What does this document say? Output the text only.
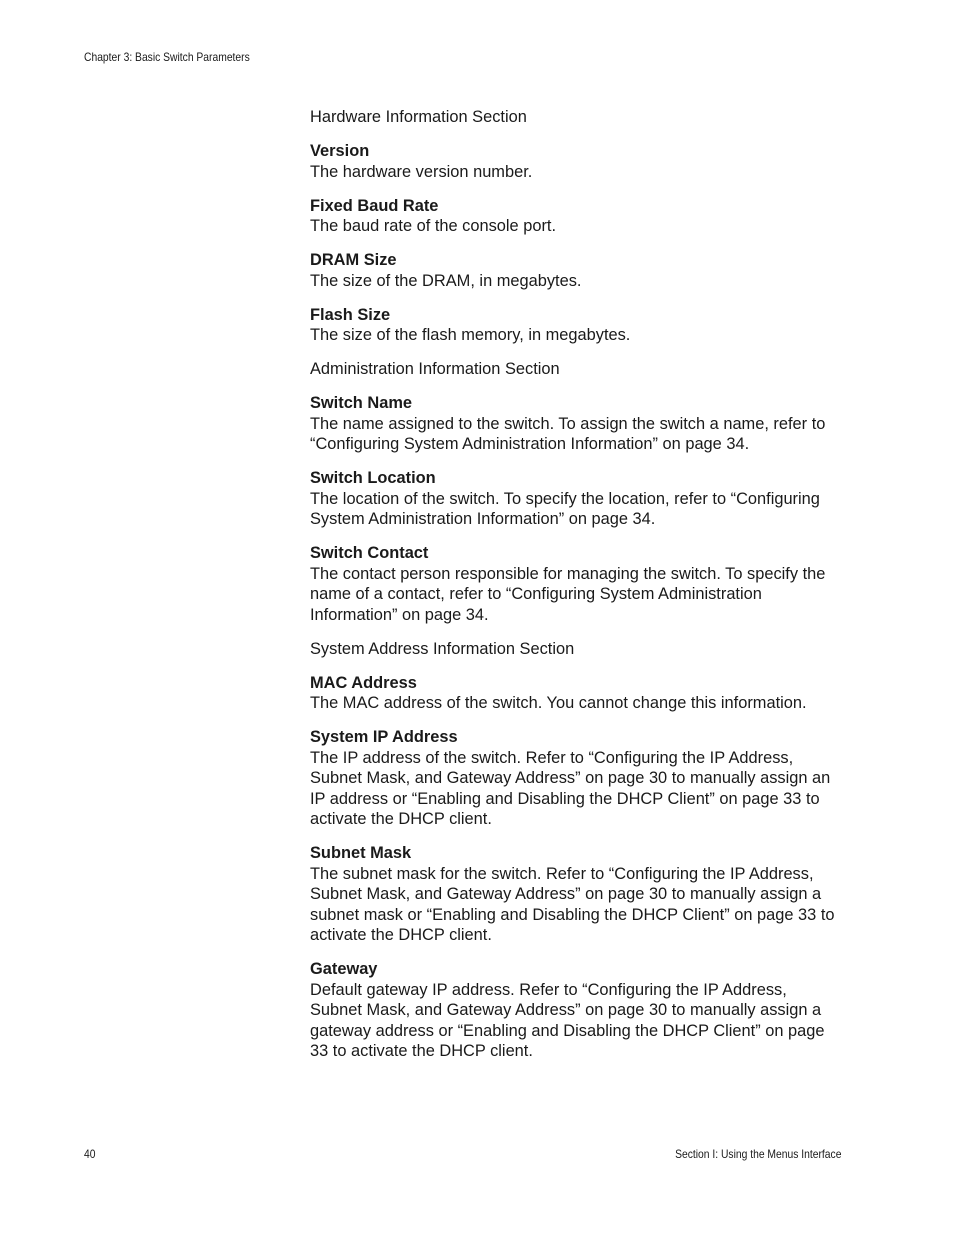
Chapter 3: Basic Switch Parameters
Hardware Information Section
Version
The hardware version number.
Fixed Baud Rate
The baud rate of the console port.
DRAM Size
The size of the DRAM, in megabytes.
Flash Size
The size of the flash memory, in megabytes.
Administration Information Section
Switch Name
The name assigned to the switch. To assign the switch a name, refer to “Configuring System Administration Information” on page 34.
Switch Location
The location of the switch. To specify the location, refer to “Configuring System Administration Information” on page 34.
Switch Contact
The contact person responsible for managing the switch. To specify the name of a contact, refer to “Configuring System Administration Information” on page 34.
System Address Information Section
MAC Address
The MAC address of the switch. You cannot change this information.
System IP Address
The IP address of the switch. Refer to “Configuring the IP Address, Subnet Mask, and Gateway Address” on page 30 to manually assign an IP address or “Enabling and Disabling the DHCP Client” on page 33 to activate the DHCP client.
Subnet Mask
The subnet mask for the switch. Refer to “Configuring the IP Address, Subnet Mask, and Gateway Address” on page 30 to manually assign a subnet mask or “Enabling and Disabling the DHCP Client” on page 33 to activate the DHCP client.
Gateway
Default gateway IP address. Refer to “Configuring the IP Address, Subnet Mask, and Gateway Address” on page 30 to manually assign a gateway address or “Enabling and Disabling the DHCP Client” on page 33 to activate the DHCP client.
40	Section I: Using the Menus Interface
